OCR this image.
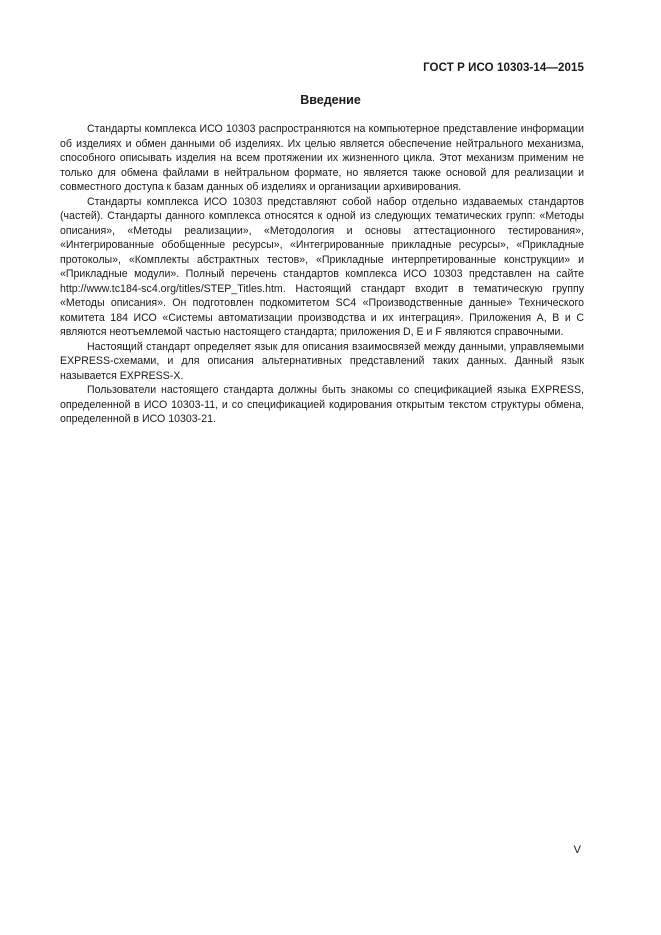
ГОСТ Р ИСО 10303-14—2015
Введение

Стандарты комплекса ИСО 10303 распространяются на компьютерное представление информации об изделиях и обмен данными об изделиях. Их целью является обеспечение нейтрального механизма, способного описывать изделия на всем протяжении их жизненного цикла. Этот механизм применим не только для обмена файлами в нейтральном формате, но является также основой для реализации и совместного доступа к базам данных об изделиях и организации архивирования.

Стандарты комплекса ИСО 10303 представляют собой набор отдельно издаваемых стандартов (частей). Стандарты данного комплекса относятся к одной из следующих тематических групп: «Методы описания», «Методы реализации», «Методология и основы аттестационного тестирования», «Интегрированные обобщенные ресурсы», «Интегрированные прикладные ресурсы», «Прикладные протоколы», «Комплекты абстрактных тестов», «Прикладные интерпретированные конструкции» и «Прикладные модули». Полный перечень стандартов комплекса ИСО 10303 представлен на сайте http://www.tc184-sc4.org/titles/STEP_Titles.htm. Настоящий стандарт входит в тематическую группу «Методы описания». Он подготовлен подкомитетом SC4 «Производственные данные» Технического комитета 184 ИСО «Системы автоматизации производства и их интеграция». Приложения А, В и С являются неотъемлемой частью настоящего стандарта; приложения D, Е и F являются справочными.

Настоящий стандарт определяет язык для описания взаимосвязей между данными, управляемыми EXPRESS-схемами, и для описания альтернативных представлений таких данных. Данный язык называется EXPRESS-X.

Пользователи настоящего стандарта должны быть знакомы со спецификацией языка EXPRESS, определенной в ИСО 10303-11, и со спецификацией кодирования открытым текстом структуры обмена, определенной в ИСО 10303-21.

V
